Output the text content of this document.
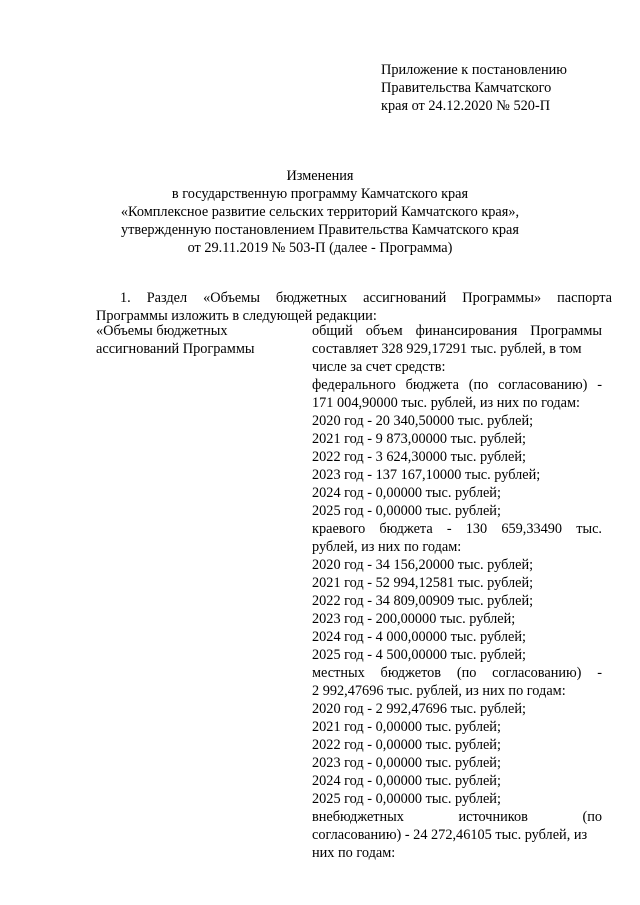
Приложение к постановлению
Правительства Камчатского
края от 24.12.2020 № 520-П
Изменения
в государственную программу Камчатского края
«Комплексное развитие сельских территорий Камчатского края»,
утвержденную постановлением Правительства Камчатского края
от 29.11.2019 № 503-П (далее - Программа)
1. Раздел «Объемы бюджетных ассигнований Программы» паспорта
Программы изложить в следующей редакции:
«Объемы бюджетных
ассигнований Программы
общий объем финансирования Программы
составляет 328 929,17291 тыс. рублей, в том
числе за счет средств:
федерального бюджета (по согласованию) -
171 004,90000 тыс. рублей, из них по годам:
2020 год - 20 340,50000 тыс. рублей;
2021 год - 9 873,00000 тыс. рублей;
2022 год - 3 624,30000 тыс. рублей;
2023 год - 137 167,10000 тыс. рублей;
2024 год - 0,00000 тыс. рублей;
2025 год - 0,00000 тыс. рублей;
краевого бюджета - 130 659,33490 тыс.
рублей, из них по годам:
2020 год - 34 156,20000 тыс. рублей;
2021 год - 52 994,12581 тыс. рублей;
2022 год - 34 809,00909 тыс. рублей;
2023 год - 200,00000 тыс. рублей;
2024 год - 4 000,00000 тыс. рублей;
2025 год - 4 500,00000 тыс. рублей;
местных бюджетов (по согласованию) -
2 992,47696 тыс. рублей, из них по годам:
2020 год - 2 992,47696 тыс. рублей;
2021 год - 0,00000 тыс. рублей;
2022 год - 0,00000 тыс. рублей;
2023 год - 0,00000 тыс. рублей;
2024 год - 0,00000 тыс. рублей;
2025 год - 0,00000 тыс. рублей;
внебюджетных источников (по
согласованию) - 24 272,46105 тыс. рублей, из
них по годам:
